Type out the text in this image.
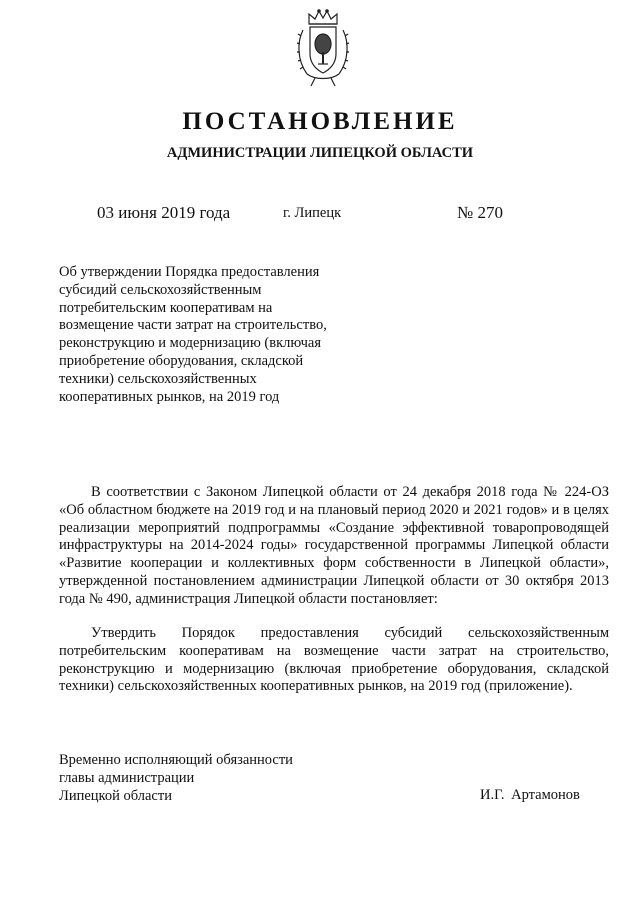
ПОСТАНОВЛЕНИЕ
АДМИНИСТРАЦИИ ЛИПЕЦКОЙ ОБЛАСТИ
03 июня 2019 года	г. Липецк	№ 270
Об утверждении Порядка предоставления субсидий сельскохозяйственным потребительским кооперативам на возмещение части затрат на строительство, реконструкцию и модернизацию (включая приобретение оборудования, складской техники) сельскохозяйственных кооперативных рынков, на 2019 год
В соответствии с Законом Липецкой области от 24 декабря 2018 года № 224-ОЗ «Об областном бюджете на 2019 год и на плановый период 2020 и 2021 годов» и в целях реализации мероприятий подпрограммы «Создание эффективной товаропроводящей инфраструктуры на 2014-2024 годы» государственной программы Липецкой области «Развитие кооперации и коллективных форм собственности в Липецкой области», утвержденной постановлением администрации Липецкой области от 30 октября 2013 года № 490, администрация Липецкой области постановляет:
Утвердить Порядок предоставления субсидий сельскохозяйственным потребительским кооперативам на возмещение части затрат на строительство, реконструкцию и модернизацию (включая приобретение оборудования, складской техники) сельскохозяйственных кооперативных рынков, на 2019 год (приложение).
Временно исполняющий обязанности
главы администрации
Липецкой области	И.Г. Артамонов
